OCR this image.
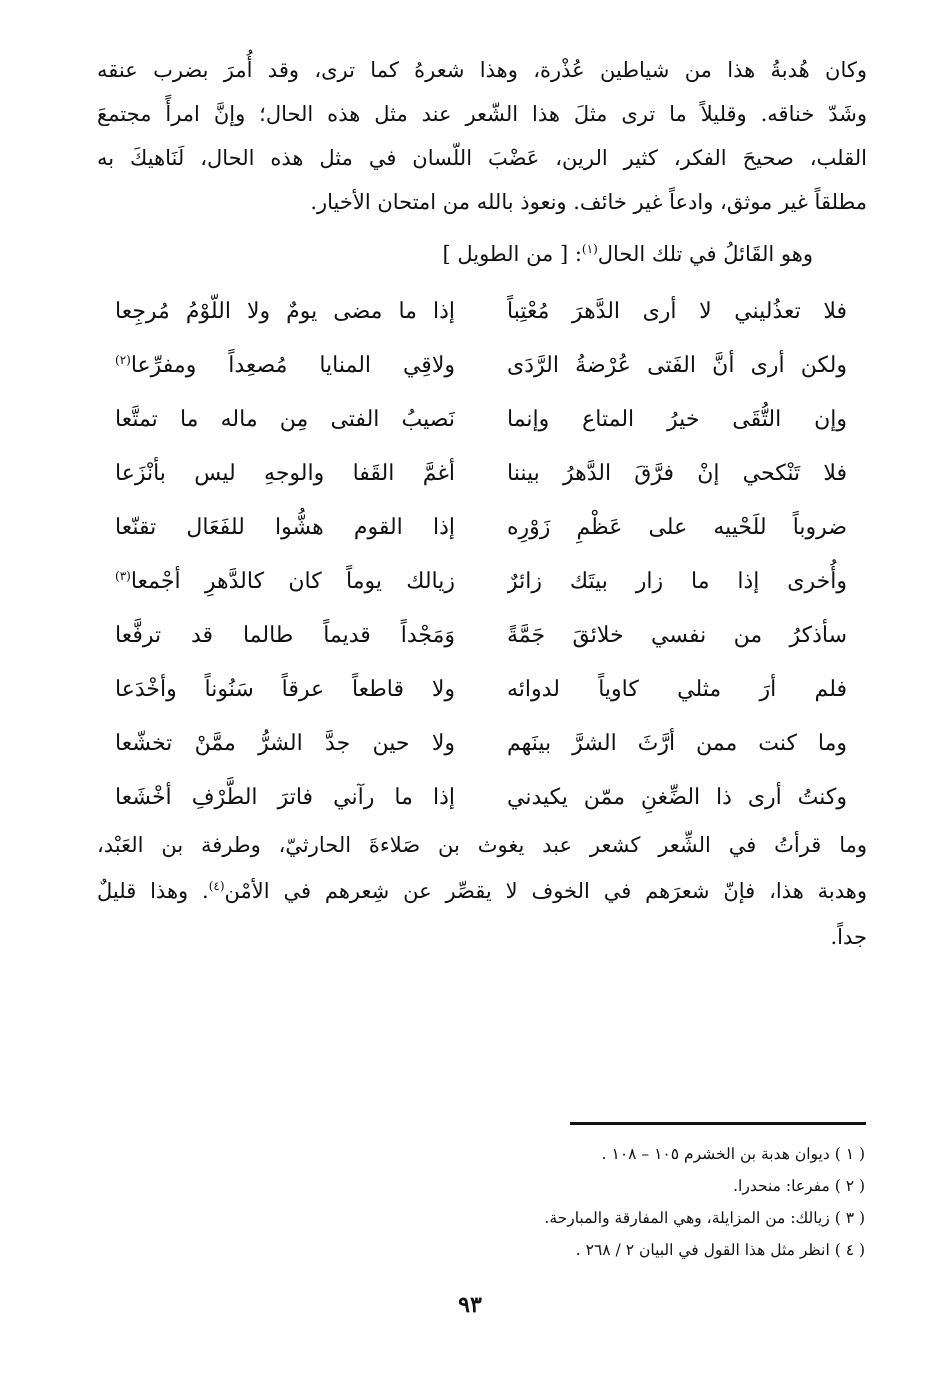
وكان هُدبةُ هذا من شياطين عُذْرة، وهذا شعرهُ كما ترى، وقد أُمرَ بضرب عنقه
وشَدّ خناقه. وقليلاً ما ترى مثلَ هذا الشّعر عند مثل هذه الحال؛ وإنَّ امرأً مجتمعَ
القلب، صحيحَ الفكر، كثير الرين، عَضْبَ اللّسان في مثل هذه الحال، لَنَاهيكَ به
مطلقاً غير موثق، وادعاً غير خائف. ونعوذ بالله من امتحان الأخيار.
وهو القَائلُ في تلك الحال$^{(١)}$: [ من الطويل ]
فلا تعذُليني لا أرى الدَّهرَ مُعْتِباً
إذا ما مضى يومٌ ولا اللّوْمُ مُرجِعا
ولكن أرى أنَّ الفَتى عُرْضةُ الرَّدَى
ولاقِي المنايا مُصعِداً ومفرِّعا$^{(٢)}$
وإن التُّقَى خيرُ المتاع وإنما
نَصيبُ الفتى مِن ماله ما تمتَّعا
فلا تَنْكحي إنْ فرَّقَ الدَّهرُ بيننا
أغمَّ القَفا والوجهِ ليس بأنْزَعا
ضروباً للَحْييه على عَظْمِ زَوْرِه
إذا القوم هشُّوا للفَعَال تقنّعا
وأُخرى إذا ما زار بيتَك زائرٌ
زيالك يوماً كان كالدَّهرِ أجْمعا$^{(٣)}$
سأذكرُ من نفسي خلائقَ جَمَّةً
وَمَجْداً قديماً طالما قد ترفَّعا
فلم أرَ مثلي كاوياً لدوائه
ولا قاطعاً عرقاً سَنُوناً وأخْدَعا
وما كنت ممن أرَّثَ الشرَّ بينَهم
ولا حين جدَّ الشرُّ ممَّنْ تخشّعا
وكنتُ أرى ذا الضِّغنِ ممّن يكيدني
إذا ما رآني فاترَ الطَّرْفِ أخْشَعا
وما قرأتُ في الشِّعر كشعر عبد يغوث بن صَلاءةَ الحارثيّ، وطرفة بن العَبْد،
وهدبة هذا، فإنّ شعرَهم في الخوف لا يقصِّر عن شِعرهم في الأمْن$^{(٤)}$. وهذا قليلٌ
جداً.
( ١ ) ديوان هدبة بن الخشرم ١٠٥ – ١٠٨ .
( ٢ ) مفرعا: منحدرا.
( ٣ ) زيالك: من المزايلة، وهي المفارقة والمبارحة.
( ٤ ) انظر مثل هذا القول في البيان ٢ / ٢٦٨ .
٩٣
